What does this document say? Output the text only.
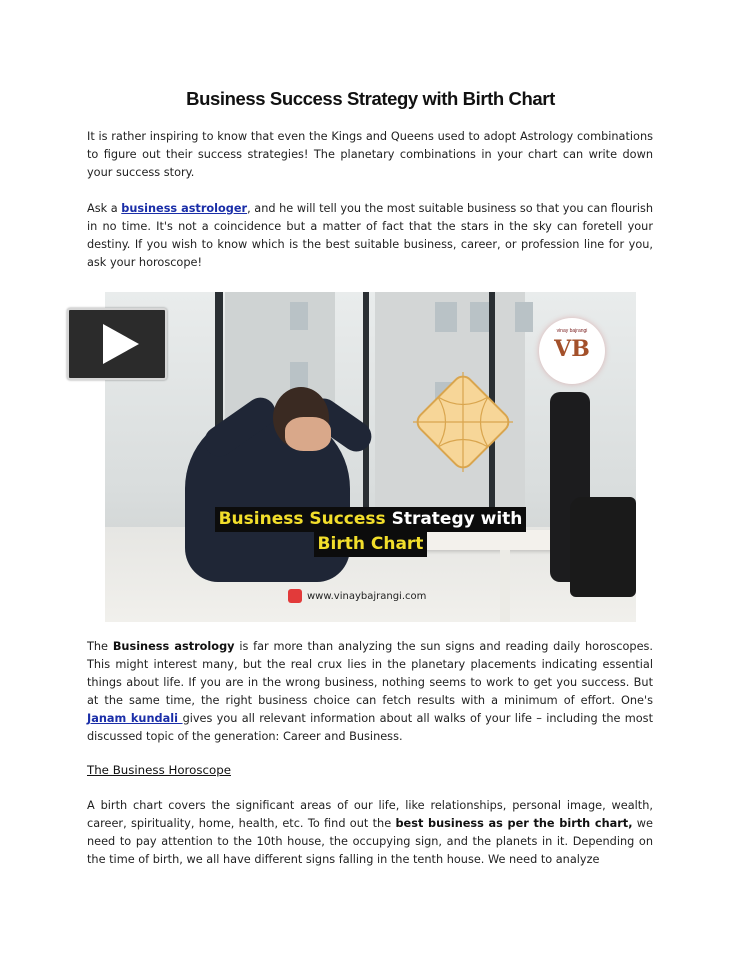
Business Success Strategy with Birth Chart
It is rather inspiring to know that even the Kings and Queens used to adopt Astrology combinations to figure out their success strategies! The planetary combinations in your chart can write down your success story.
Ask a business astrologer, and he will tell you the most suitable business so that you can flourish in no time. It's not a coincidence but a matter of fact that the stars in the sky can foretell your destiny. If you wish to know which is the best suitable business, career, or profession line for you, ask your horoscope!
vinay bajrangi
VB
Business Success Strategy with
Birth Chart
www.vinaybajrangi.com
The Business astrology is far more than analyzing the sun signs and reading daily horoscopes. This might interest many, but the real crux lies in the planetary placements indicating essential things about life. If you are in the wrong business, nothing seems to work to get you success. But at the same time, the right business choice can fetch results with a minimum of effort. One's Janam kundali gives you all relevant information about all walks of your life – including the most discussed topic of the generation: Career and Business.
The Business Horoscope
A birth chart covers the significant areas of our life, like relationships, personal image, wealth, career, spirituality, home, health, etc. To find out the best business as per the birth chart, we need to pay attention to the 10th house, the occupying sign, and the planets in it. Depending on the time of birth, we all have different signs falling in the tenth house. We need to analyze
